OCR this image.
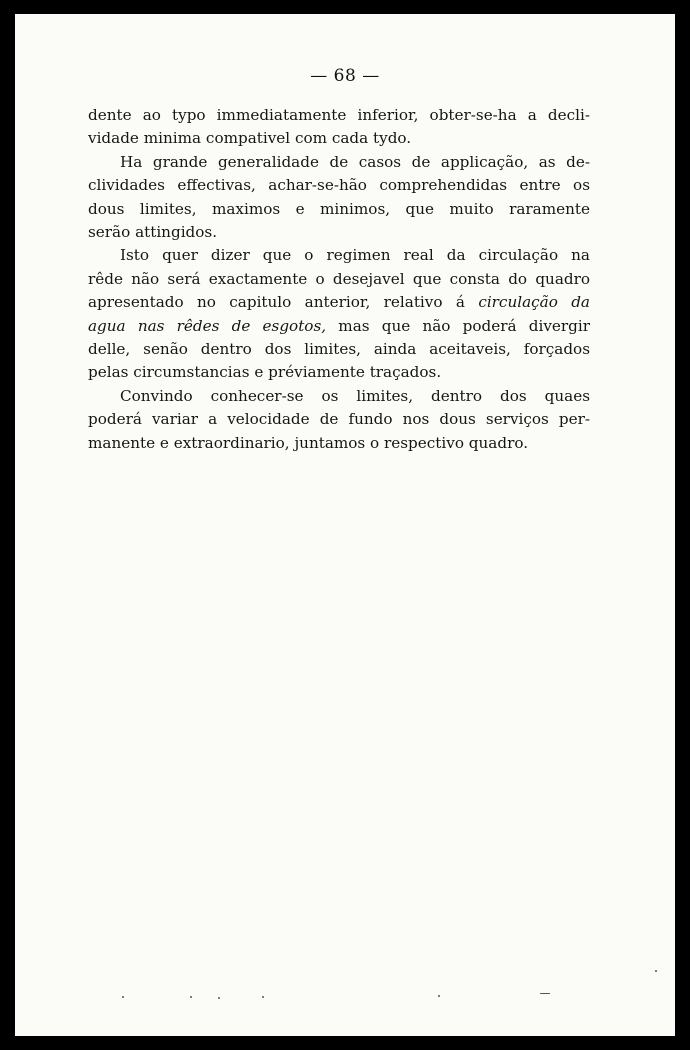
— 68 —
dente ao typo immediatamente inferior, obter-se-ha a decli-
vidade minima compativel com cada tydo.
Ha grande generalidade de casos de applicação, as de-
clividades effectivas, achar-se-hão comprehendidas entre os
dous limites, maximos e minimos, que muito raramente
serão attingidos.
Isto quer dizer que o regimen real da circulação na
rêde não será exactamente o desejavel que consta do quadro
apresentado no capitulo anterior, relativo á circulação da
agua nas rêdes de esgotos, mas que não poderá divergir
delle, senão dentro dos limites, ainda aceitaveis, forçados
pelas circumstancias e préviamente traçados.
Convindo conhecer-se os limites, dentro dos quaes
poderá variar a velocidade de fundo nos dous serviços per-
manente e extraordinario, juntamos o respectivo quadro.
